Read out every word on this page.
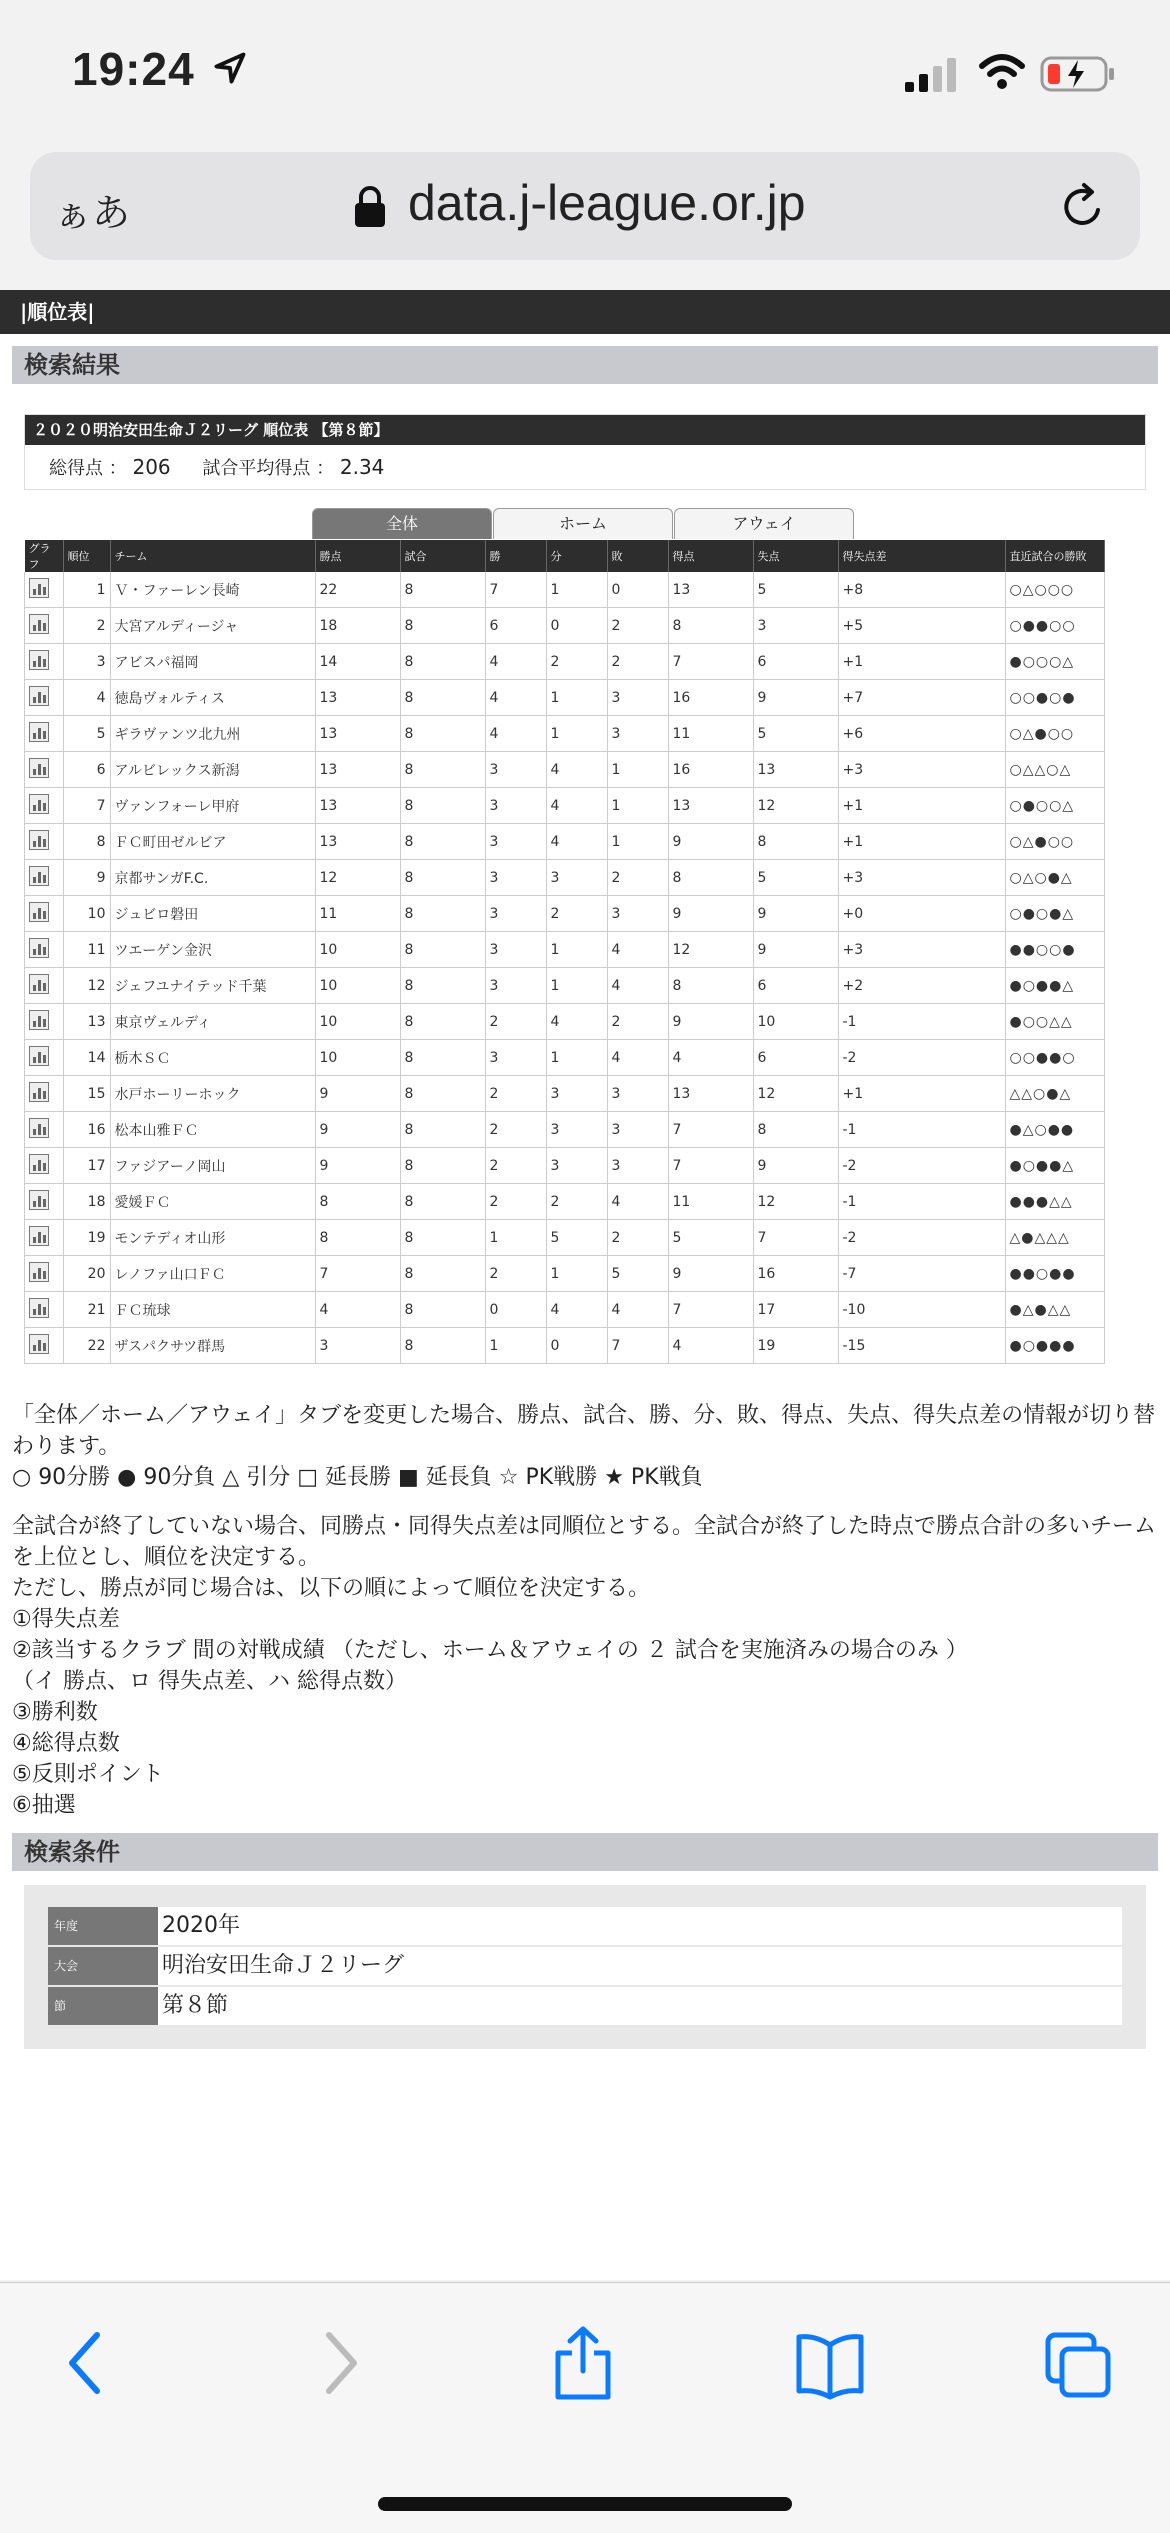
19:24
ぁあ	data.j-league.or.jp
|順位表|
検索結果
２０２０明治安田生命Ｊ２リーグ 順位表 【第８節】
総得点 ： 206 試合平均得点 ： 2.34
全体	ホーム	アウェイ
グラフ	順位	チーム	勝点	試合	勝	分	敗	得点	失点	得失点差	直近試合の勝敗

	1	Ｖ・ファーレン長崎	22	8	7	1	0	13	5	+8	○△○○○

	2	大宮アルディージャ	18	8	6	0	2	8	3	+5	○●●○○

	3	アビスパ福岡	14	8	4	2	2	7	6	+1	●○○○△

	4	徳島ヴォルティス	13	8	4	1	3	16	9	+7	○○●○●

	5	ギラヴァンツ北九州	13	8	4	1	3	11	5	+6	○△●○○

	6	アルビレックス新潟	13	8	3	4	1	16	13	+3	○△△○△

	7	ヴァンフォーレ甲府	13	8	3	4	1	13	12	+1	○●○○△

	8	ＦＣ町田ゼルビア	13	8	3	4	1	9	8	+1	○△●○○

	9	京都サンガF.C.	12	8	3	3	2	8	5	+3	○△○●△

	10	ジュビロ磐田	11	8	3	2	3	9	9	+0	○●○●△

	11	ツエーゲン金沢	10	8	3	1	4	12	9	+3	●●○○●

	12	ジェフユナイテッド千葉	10	8	3	1	4	8	6	+2	●○●●△

	13	東京ヴェルディ	10	8	2	4	2	9	10	-1	●○○△△

	14	栃木ＳＣ	10	8	3	1	4	4	6	-2	○○●●○

	15	水戸ホーリーホック	9	8	2	3	3	13	12	+1	△△○●△

	16	松本山雅ＦＣ	9	8	2	3	3	7	8	-1	●△○●●

	17	ファジアーノ岡山	9	8	2	3	3	7	9	-2	●○●●△

	18	愛媛ＦＣ	8	8	2	2	4	11	12	-1	●●●△△

	19	モンテディオ山形	8	8	1	5	2	5	7	-2	△●△△△

	20	レノファ山口ＦＣ	7	8	2	1	5	9	16	-7	●●○●●

	21	ＦＣ琉球	4	8	0	4	4	7	17	-10	●△●△△

	22	ザスパクサツ群馬	3	8	1	0	7	4	19	-15	●○●●●
「全体／ホーム／アウェイ」タブを変更した場合、勝点、試合、勝、分、敗、得点、失点、得失点差の情報が切り替わります。
○ 90分勝 ● 90分負 △ 引分 □ 延長勝 ■ 延長負 ☆ PK戦勝 ★ PK戦負
全試合が終了していない場合、同勝点・同得失点差は同順位とする。全試合が終了した時点で勝点合計の多いチームを上位とし、順位を決定する。
ただし、勝点が同じ場合は、以下の順によって順位を決定する。
①得失点差
②該当するクラブ 間の対戦成績 （ただし、ホーム＆アウェイの ２ 試合を実施済みの場合のみ ）
（イ 勝点、ロ 得失点差、ハ 総得点数）
③勝利数
④総得点数
⑤反則ポイント
⑥抽選
検索条件
年度	2020年
大会	明治安田生命Ｊ２リーグ
節	第８節
